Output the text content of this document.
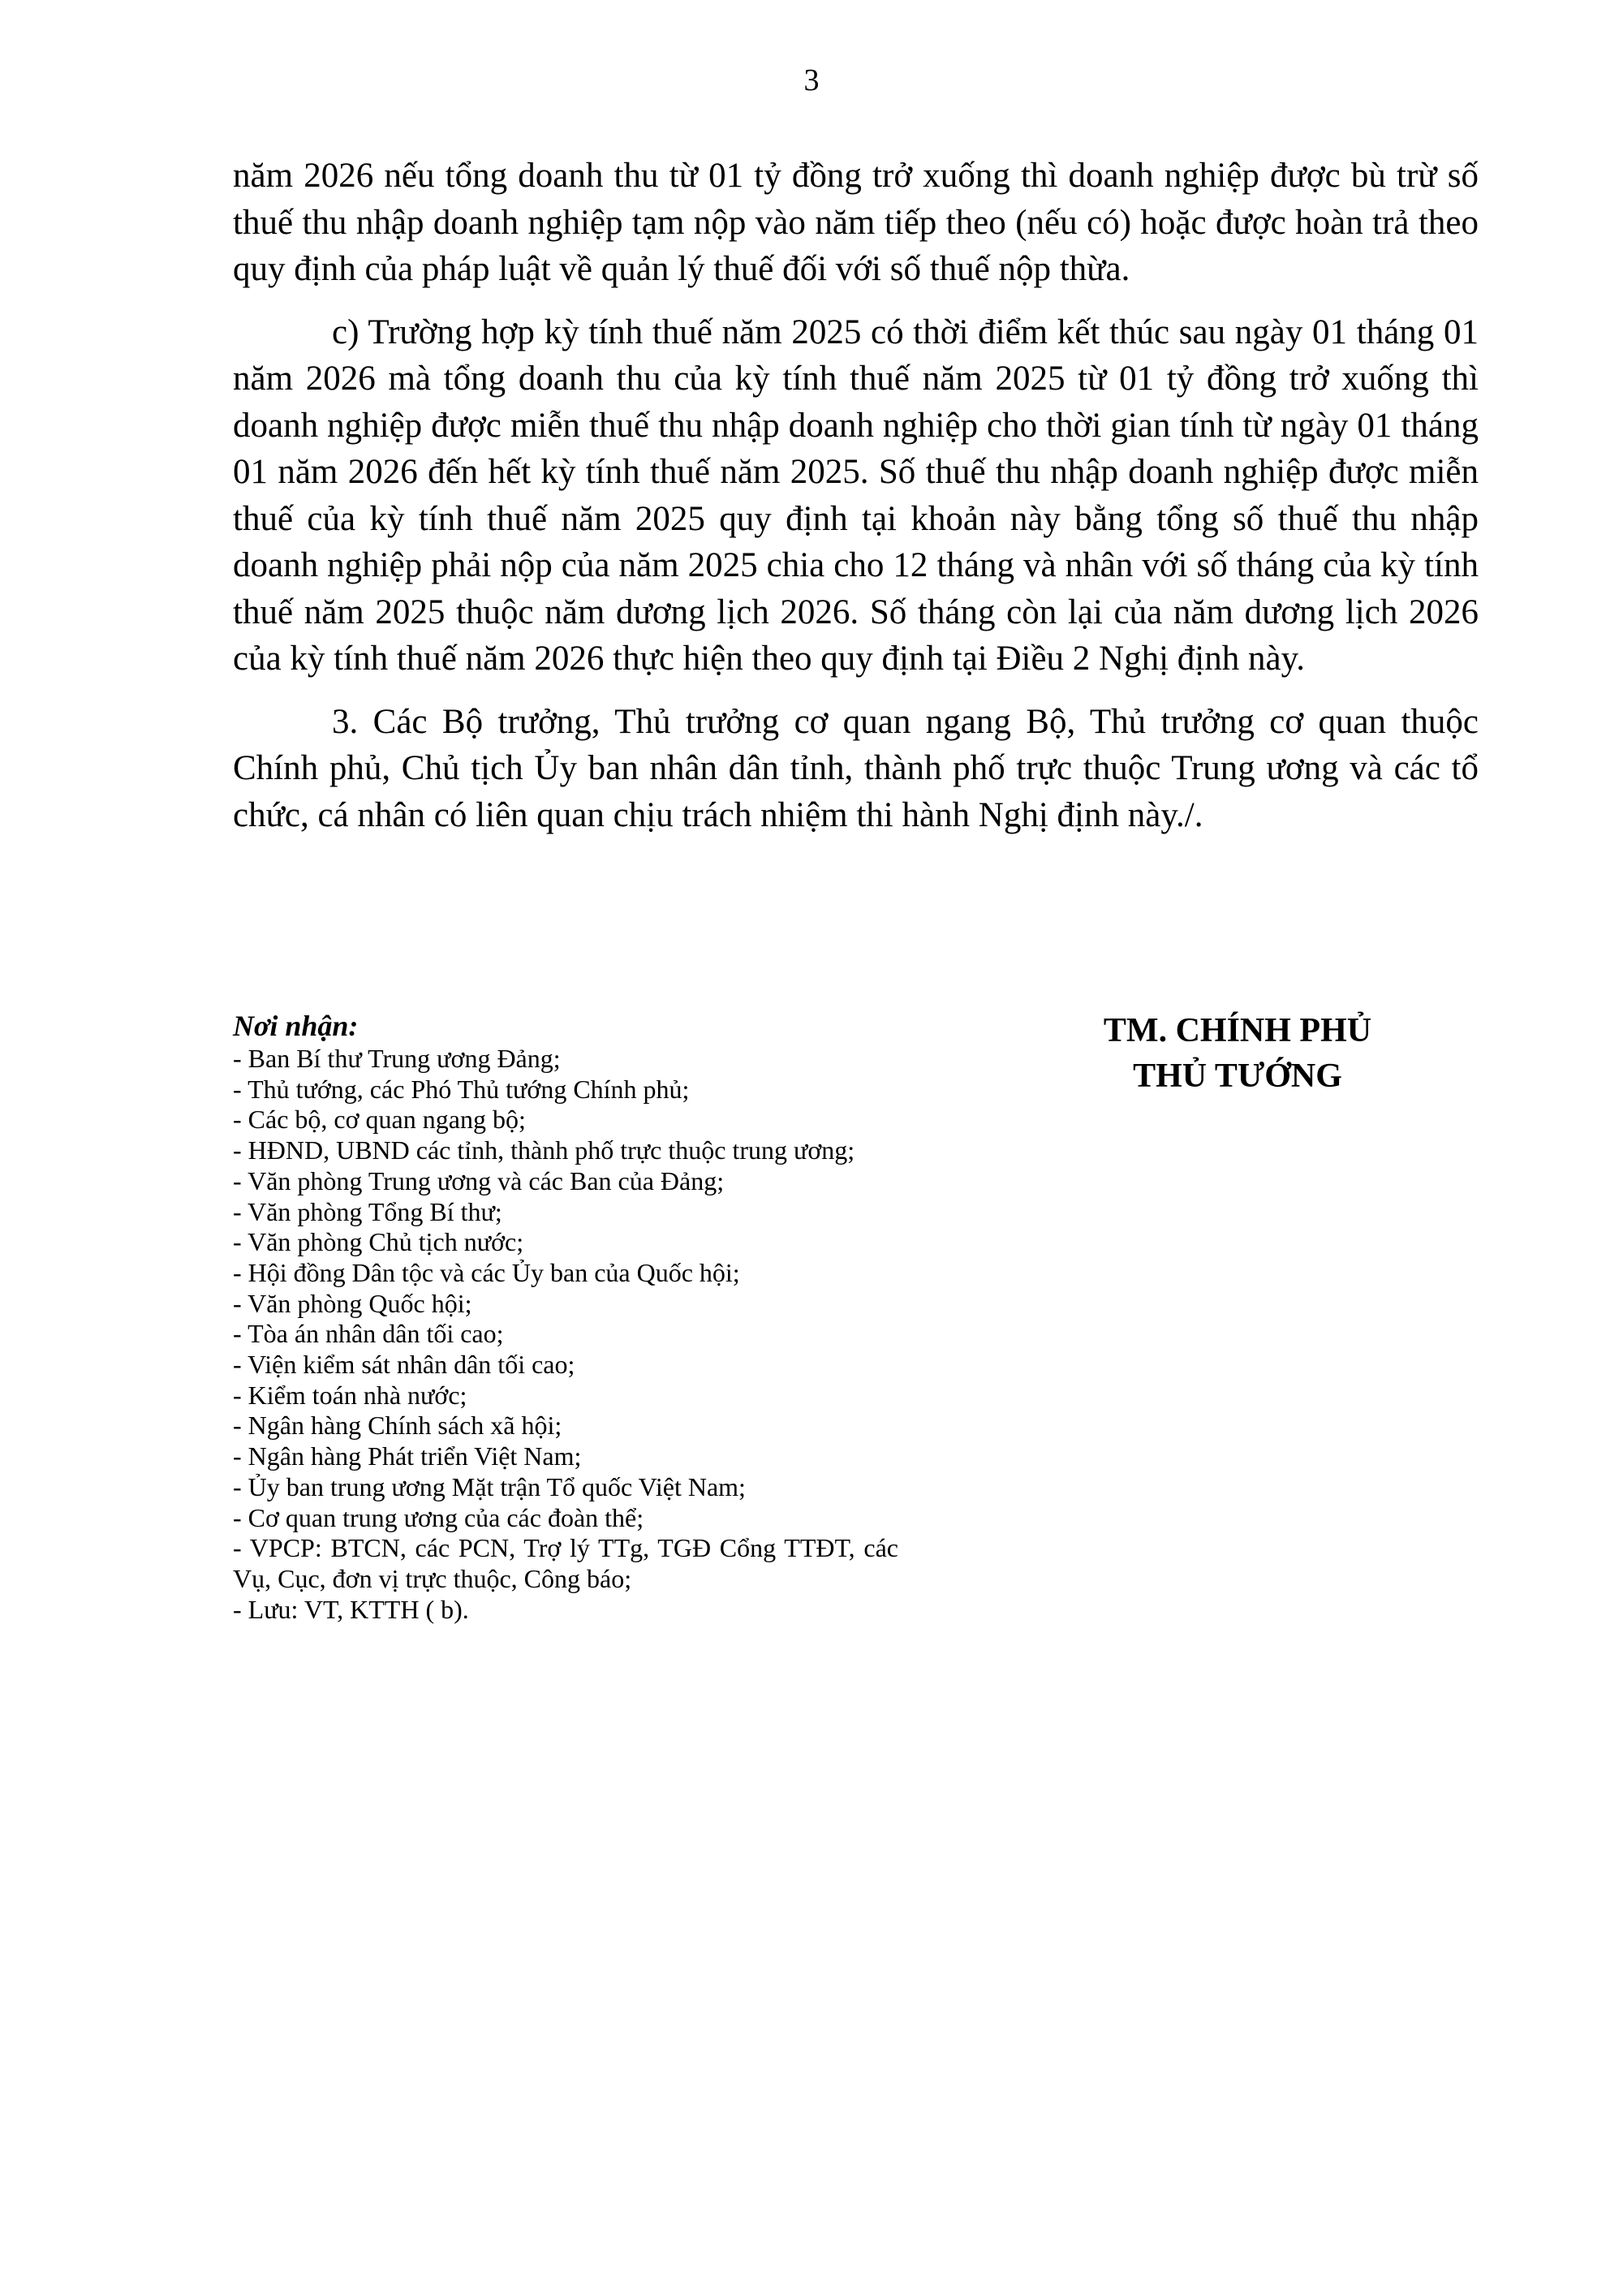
3

năm 2026 nếu tổng doanh thu từ 01 tỷ đồng trở xuống thì doanh nghiệp được bù trừ số thuế thu nhập doanh nghiệp tạm nộp vào năm tiếp theo (nếu có) hoặc được hoàn trả theo quy định của pháp luật về quản lý thuế đối với số thuế nộp thừa.

c) Trường hợp kỳ tính thuế năm 2025 có thời điểm kết thúc sau ngày 01 tháng 01 năm 2026 mà tổng doanh thu của kỳ tính thuế năm 2025 từ 01 tỷ đồng trở xuống thì doanh nghiệp được miễn thuế thu nhập doanh nghiệp cho thời gian tính từ ngày 01 tháng 01 năm 2026 đến hết kỳ tính thuế năm 2025. Số thuế thu nhập doanh nghiệp được miễn thuế của kỳ tính thuế năm 2025 quy định tại khoản này bằng tổng số thuế thu nhập doanh nghiệp phải nộp của năm 2025 chia cho 12 tháng và nhân với số tháng của kỳ tính thuế năm 2025 thuộc năm dương lịch 2026. Số tháng còn lại của năm dương lịch 2026 của kỳ tính thuế năm 2026 thực hiện theo quy định tại Điều 2 Nghị định này.

3. Các Bộ trưởng, Thủ trưởng cơ quan ngang Bộ, Thủ trưởng cơ quan thuộc Chính phủ, Chủ tịch Ủy ban nhân dân tỉnh, thành phố trực thuộc Trung ương và các tổ chức, cá nhân có liên quan chịu trách nhiệm thi hành Nghị định này./.

Nơi nhận:

- Ban Bí thư Trung ương Đảng;
- Thủ tướng, các Phó Thủ tướng Chính phủ;
- Các bộ, cơ quan ngang bộ;
- HĐND, UBND các tỉnh, thành phố trực thuộc trung ương;
- Văn phòng Trung ương và các Ban của Đảng;
- Văn phòng Tổng Bí thư;
- Văn phòng Chủ tịch nước;
- Hội đồng Dân tộc và các Ủy ban của Quốc hội;
- Văn phòng Quốc hội;
- Tòa án nhân dân tối cao;
- Viện kiểm sát nhân dân tối cao;
- Kiểm toán nhà nước;
- Ngân hàng Chính sách xã hội;
- Ngân hàng Phát triển Việt Nam;
- Ủy ban trung ương Mặt trận Tổ quốc Việt Nam;
- Cơ quan trung ương của các đoàn thể;
- VPCP: BTCN, các PCN, Trợ lý TTg, TGĐ Cổng TTĐT, các Vụ, Cục, đơn vị trực thuộc, Công báo;
- Lưu: VT, KTTH ( b).

TM. CHÍNH PHỦ

THỦ TƯỚNG
